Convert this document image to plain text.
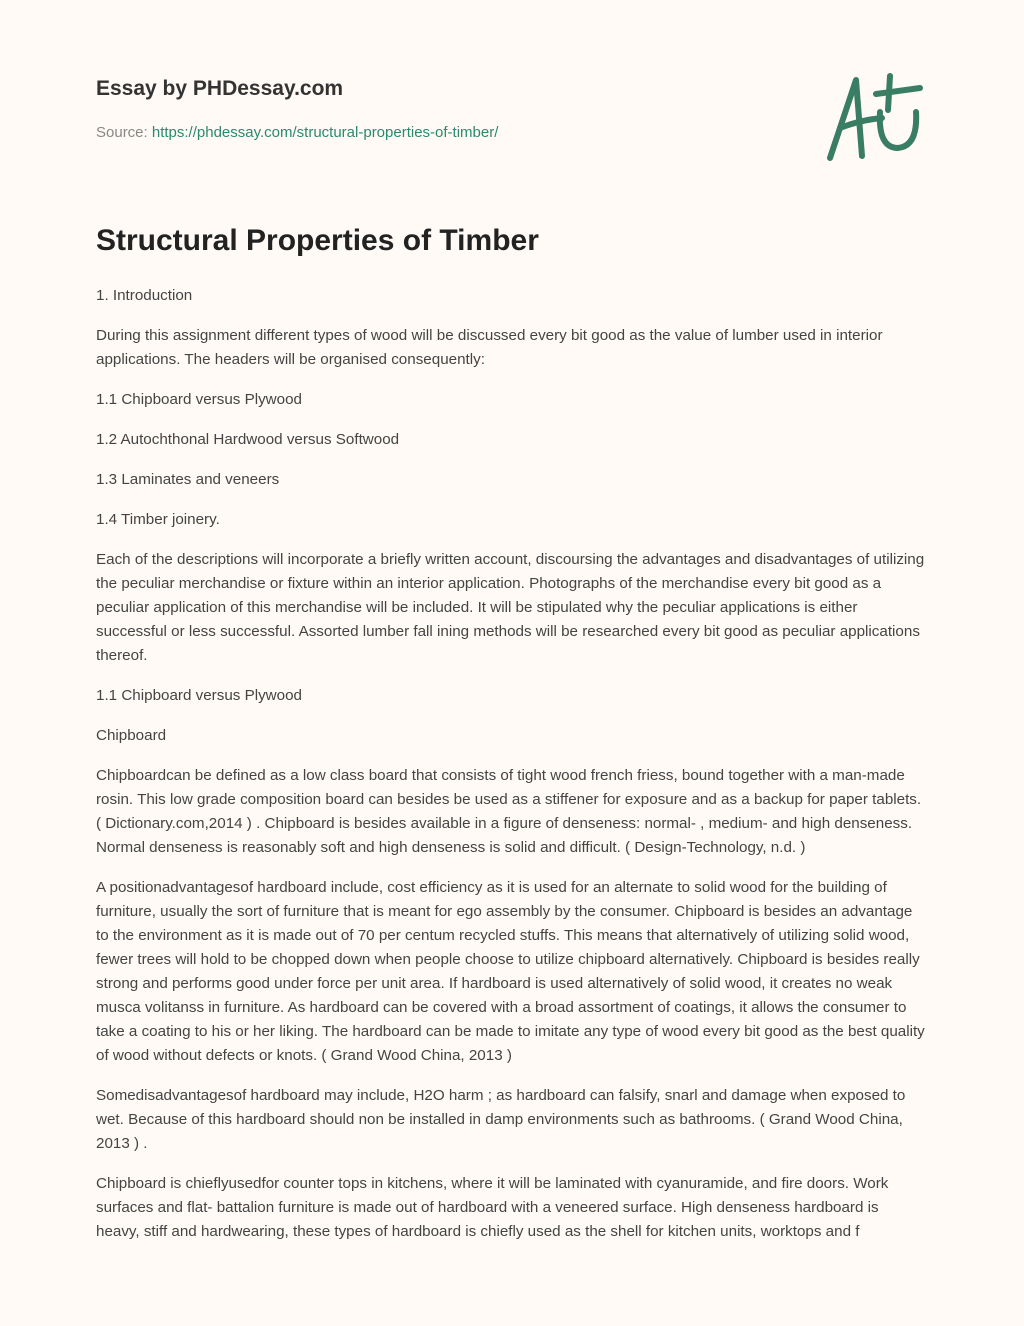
Essay by PHDessay.com
Source: https://phdessay.com/structural-properties-of-timber/
Structural Properties of Timber

1. Introduction

During this assignment different types of wood will be discussed every bit good as the value of lumber used in interior applications. The headers will be organised consequently:

1.1 Chipboard versus Plywood

1.2 Autochthonal Hardwood versus Softwood

1.3 Laminates and veneers

1.4 Timber joinery.

Each of the descriptions will incorporate a briefly written account, discoursing the advantages and disadvantages of utilizing the peculiar merchandise or fixture within an interior application. Photographs of the merchandise every bit good as a peculiar application of this merchandise will be included. It will be stipulated why the peculiar applications is either successful or less successful. Assorted lumber fall ining methods will be researched every bit good as peculiar applications thereof.

1.1 Chipboard versus Plywood

Chipboard

Chipboardcan be defined as a low class board that consists of tight wood french friess, bound together with a man-made rosin. This low grade composition board can besides be used as a stiffener for exposure and as a backup for paper tablets. ( Dictionary.com,2014 ) . Chipboard is besides available in a figure of denseness: normal- , medium- and high denseness. Normal denseness is reasonably soft and high denseness is solid and difficult. ( Design-Technology, n.d. )

A positionadvantagesof hardboard include, cost efficiency as it is used for an alternate to solid wood for the building of furniture, usually the sort of furniture that is meant for ego assembly by the consumer. Chipboard is besides an advantage to the environment as it is made out of 70 per centum recycled stuffs. This means that alternatively of utilizing solid wood, fewer trees will hold to be chopped down when people choose to utilize chipboard alternatively. Chipboard is besides really strong and performs good under force per unit area. If hardboard is used alternatively of solid wood, it creates no weak musca volitanss in furniture. As hardboard can be covered with a broad assortment of coatings, it allows the consumer to take a coating to his or her liking. The hardboard can be made to imitate any type of wood every bit good as the best quality of wood without defects or knots. ( Grand Wood China, 2013 )

Somedisadvantagesof hardboard may include, H2O harm ; as hardboard can falsify, snarl and damage when exposed to wet. Because of this hardboard should non be installed in damp environments such as bathrooms. ( Grand Wood China, 2013 ) .

Chipboard is chieflyusedfor counter tops in kitchens, where it will be laminated with cyanuramide, and fire doors. Work surfaces and flat- battalion furniture is made out of hardboard with a veneered surface. High denseness hardboard is heavy, stiff and hardwearing, these types of hardboard is chiefly used as the shell for kitchen units, worktops and f
